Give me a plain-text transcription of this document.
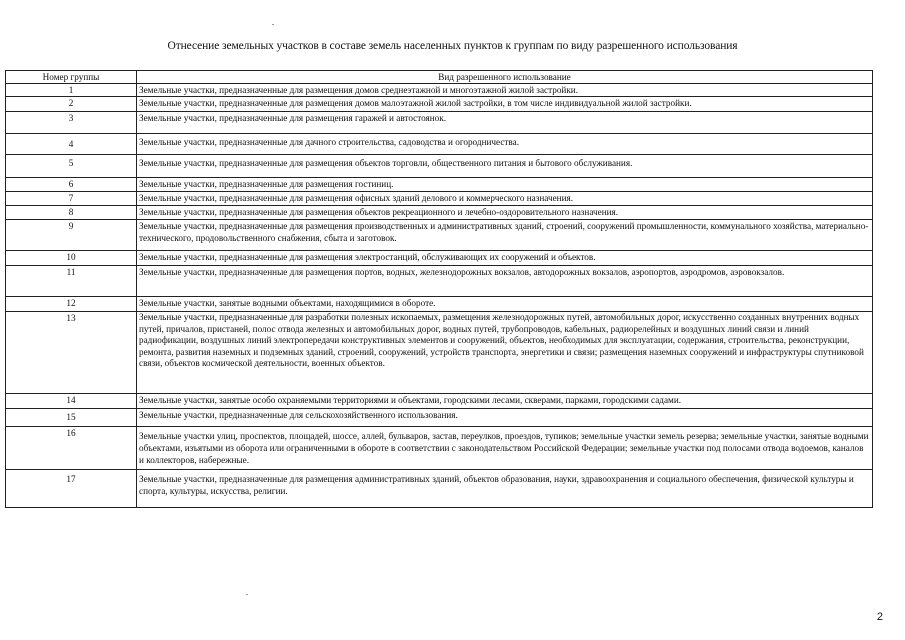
Отнесение земельных участков в составе земель населенных пунктов к группам по виду разрешенного использования
Номер группы	Вид разрешенного использование
1	Земельные участки, предназначенные для размещения домов среднеэтажной и многоэтажной жилой застройки.
2	Земельные участки, предназначенные для размещения домов малоэтажной жилой застройки, в том числе индивидуальной жилой застройки.
3	Земельные участки, предназначенные для размещения гаражей и автостоянок.
4	Земельные участки, предназначенные для дачного строительства, садоводства и огородничества.
5	Земельные участки, предназначенные для размещения объектов торговли, общественного питания и бытового обслуживания.
6	Земельные участки, предназначенные для размещения гостиниц.
7	Земельные участки, предназначенные для размещения офисных зданий делового и коммерческого назначения.
8	Земельные участки, предназначенные для размещения объектов рекреационного и лечебно-оздоровительного назначения.
9	Земельные участки, предназначенные для размещения производственных и административных зданий, строений, сооружений промышленности, коммунального хозяйства, материально-технического, продовольственного снабжения, сбыта и заготовок.
10	Земельные участки, предназначенные для размещения электростанций, обслуживающих их сооружений и объектов.
11	Земельные участки, предназначенные для размещения портов, водных, железнодорожных вокзалов, автодорожных вокзалов, аэропортов, аэродромов, аэровокзалов.
12	Земельные участки, занятые водными объектами, находящимися в обороте.
13	Земельные участки, предназначенные для разработки полезных ископаемых, размещения железнодорожных путей, автомобильных дорог, искусственно созданных внутренних водных путей, причалов, пристаней, полос отвода железных и автомобильных дорог, водных путей, трубопроводов, кабельных, радиорелейных и воздушных линий связи и линий радиофикации, воздушных линий электропередачи конструктивных элементов и сооружений, объектов, необходимых для эксплуатации, содержания, строительства, реконструкции, ремонта, развития наземных и подземных зданий, строений, сооружений, устройств транспорта, энергетики и связи; размещения наземных сооружений и инфраструктуры спутниковой связи, объектов космической деятельности, военных объектов.
14	Земельные участки, занятые особо охраняемыми территориями и объектами, городскими лесами, скверами, парками, городскими садами.
15	Земельные участки, предназначенные для сельскохозяйственного использования.
16	Земельные участки улиц, проспектов, площадей, шоссе, аллей, бульваров, застав, переулков, проездов, тупиков; земельные участки земель резерва; земельные участки, занятые водными объектами, изъятыми из оборота или ограниченными в обороте в соответствии с законодательством Российской Федерации; земельные участки под полосами отвода водоемов, каналов и коллекторов, набережные.
17	Земельные участки, предназначенные для размещения административных зданий, объектов образования, науки, здравоохранения и социального обеспечения, физической культуры и спорта, культуры, искусства, религии.
2
